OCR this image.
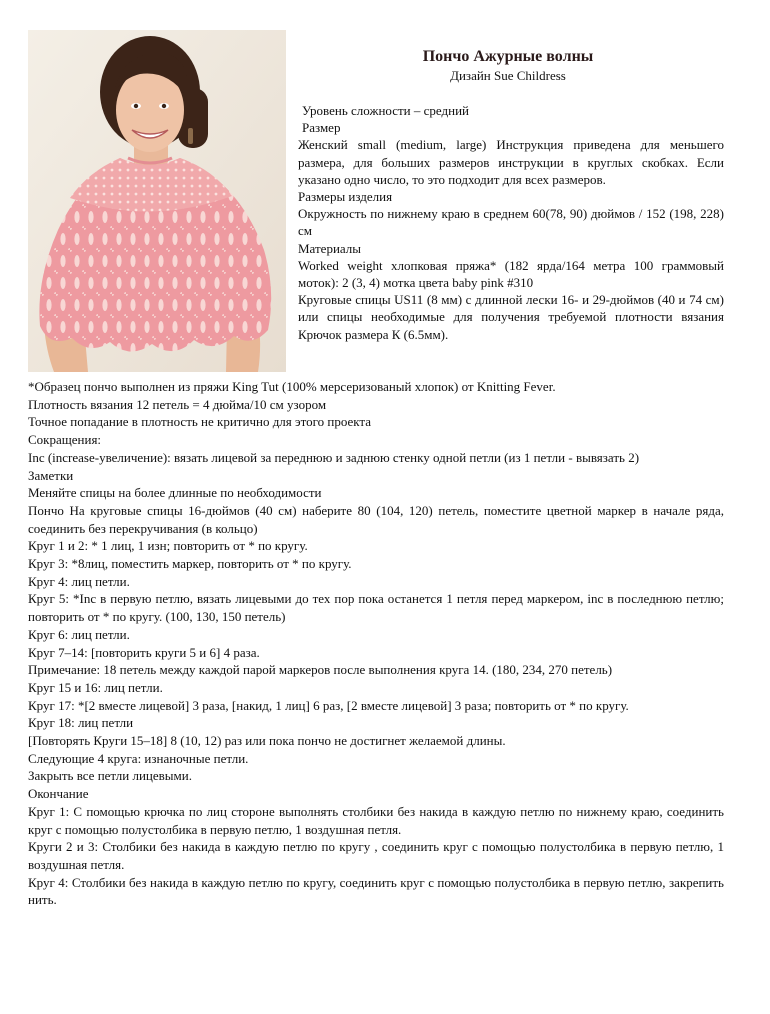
Пончо Ажурные волны
Дизайн Sue Childress

Уровень сложности – средний

Размер

Женский small (medium, large) Инструкция приведена для меньшего размера, для больших размеров инструкции в круглых скобках. Если указано одно число, то это подходит для всех размеров.

Размеры изделия

Окружность по нижнему краю в среднем 60(78, 90) дюймов / 152 (198, 228) см

Материалы

Worked weight хлопковая пряжа* (182 ярда/164 метра 100 граммовый моток): 2 (3, 4) мотка цвета baby pink #310

Круговые спицы US11 (8 мм) с длинной лески 16- и 29-дюймов (40 и 74 см) или спицы необходимые для получения требуемой плотности вязания Крючок размера К (6.5мм).

*Образец пончо выполнен из пряжи King Tut (100% мерсеризованый хлопок) от Knitting Fever.

Плотность вязания 12 петель = 4 дюйма/10 см узором

Точное попадание в плотность не критично для этого проекта

Сокращения:

Inc (increase-увеличение): вязать лицевой за переднюю и заднюю стенку одной петли (из 1 петли - вывязать 2)

Заметки

Меняйте спицы на более длинные по необходимости

Пончо На круговые спицы 16-дюймов (40 см) наберите 80 (104, 120) петель, поместите цветной маркер в начале ряда, соединить без перекручивания (в кольцо)

Круг 1 и 2: * 1 лиц, 1 изн; повторить от * по кругу.

Круг 3: *8лиц, поместить маркер, повторить от * по кругу.

Круг 4: лиц петли.

Круг 5: *Inc в первую петлю, вязать лицевыми до тех пор пока останется 1 петля перед маркером, inc в последнюю петлю; повторить от * по кругу. (100, 130, 150 петель)

Круг 6: лиц петли.

Круг 7–14: [повторить круги 5 и 6] 4 раза.

Примечание: 18 петель между каждой парой маркеров после выполнения круга 14. (180, 234, 270 петель)

Круг 15 и 16: лиц петли.

Круг 17: *[2 вместе лицевой] 3 раза, [накид, 1 лиц] 6 раз, [2 вместе лицевой] 3 раза; повторить от * по кругу.

Круг 18: лиц петли

[Повторять Круги 15–18] 8 (10, 12) раз или пока пончо не достигнет желаемой длины.

Следующие 4 круга: изнаночные петли.

Закрыть все петли лицевыми.

Окончание

Круг 1: С помощью крючка по лиц стороне выполнять столбики без накида в каждую петлю по нижнему краю, соединить круг с помощью полустолбика в первую петлю, 1 воздушная петля.

Круги 2 и 3: Столбики без накида в каждую петлю по кругу , соединить круг с помощью полустолбика в первую петлю, 1 воздушная петля.

Круг 4: Столбики без накида в каждую петлю по кругу, соединить круг с помощью полустолбика в первую петлю, закрепить нить.
